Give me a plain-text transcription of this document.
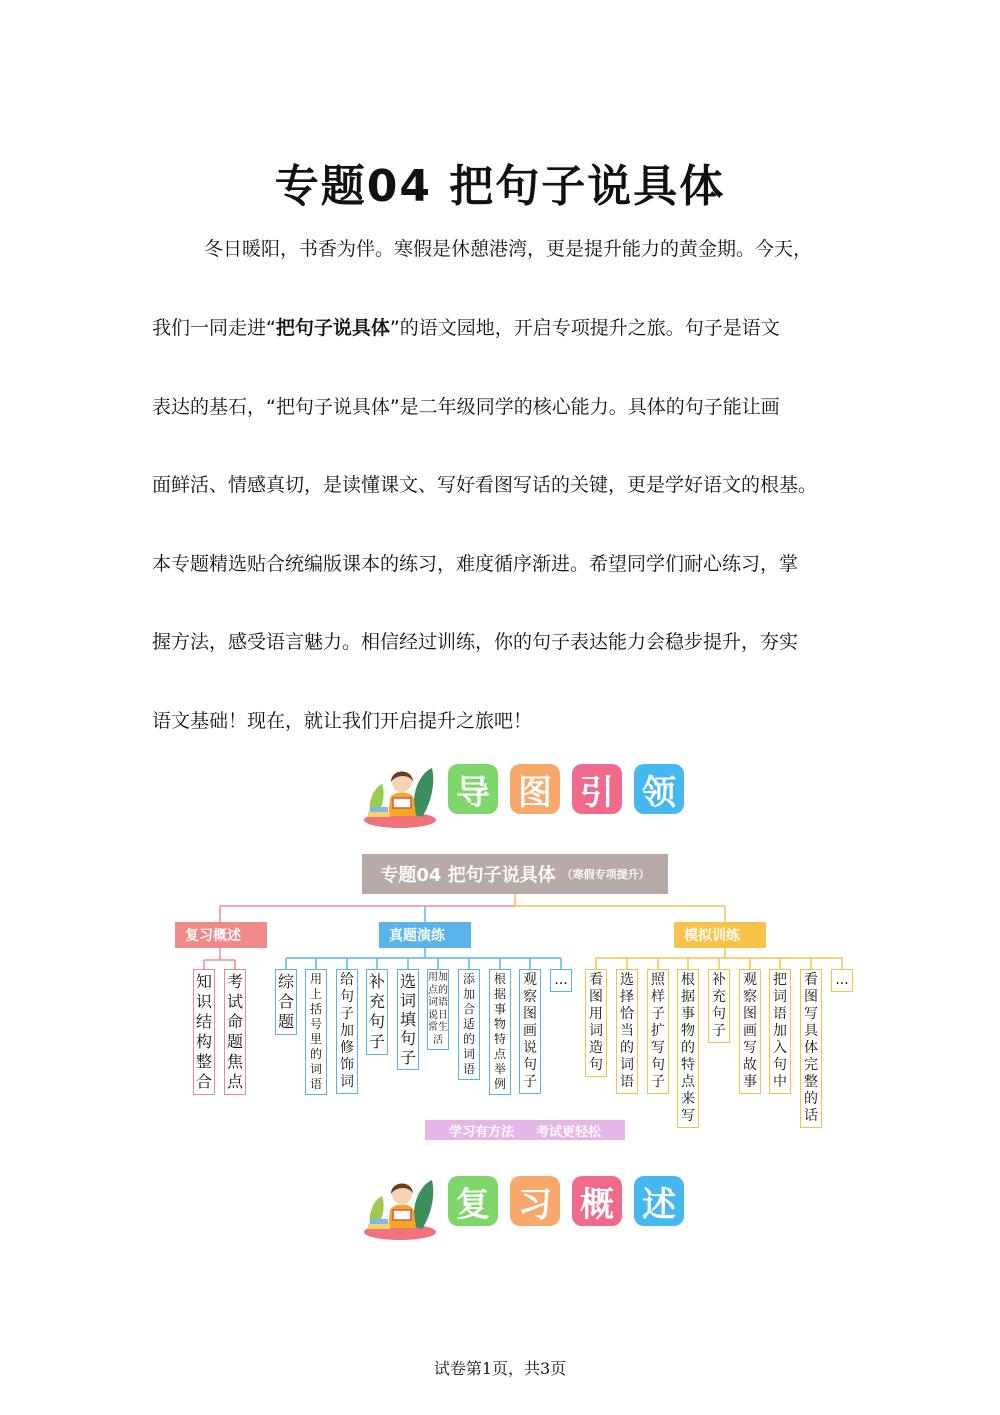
专题04 把句子说具体
冬日暖阳，书香为伴。寒假是休憩港湾，更是提升能力的黄金期。今天，
我们一同走进“把句子说具体”的语文园地，开启专项提升之旅。句子是语文
表达的基石，“把句子说具体”是二年级同学的核心能力。具体的句子能让画
面鲜活、情感真切，是读懂课文、写好看图写话的关键，更是学好语文的根基。
本专题精选贴合统编版课本的练习，难度循序渐进。希望同学们耐心练习，掌
握方法，感受语言魅力。相信经过训练，你的句子表达能力会稳步提升，夯实
语文基础！现在，就让我们开启提升之旅吧！
导 图 引 领
专题04 把句子说具体 （寒假专项提升）
复习概述	真题演练	模拟训练
知识结构整合
考试命题焦点
综合题
用上括号里的词语
给句子加修饰词
补充句子
选词填句子
用加点的词语说日常生活
添加合适的词语
根据事物特点举例
观察图画说句子
...	看图用词造句
选择恰当的词语
照样子扩写句子
根据事物的特点来写
补充句子
观察图画写故事
把词语加入句中
看图写具体完整的话
...
学习有方法 考试更轻松
复 习 概 述
试卷第1页，共3页
